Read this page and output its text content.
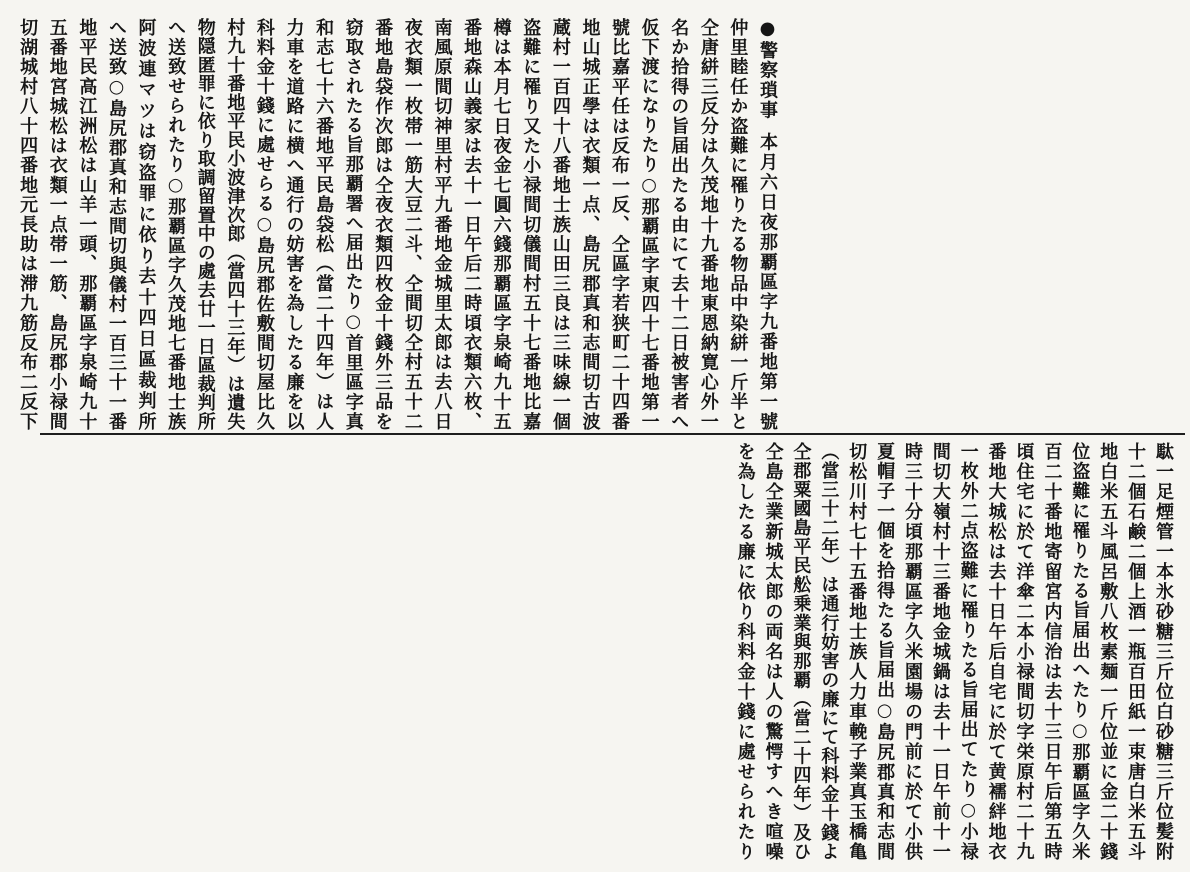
●警察瑣事本月六日夜那覇區字九番地第一號
仲里睦任か盗難に罹りたる物品中染絣一斤半と
仝唐絣三反分は久茂地十九番地東恩納寛心外一
名か拾得の旨届出たる由にて去十二日被害者へ
仮下渡になりたり○那覇區字東四十七番地第一
號比嘉平任は反布一反、仝區字若狭町二十四番
地山城正學は衣類一点、島尻郡真和志間切古波
蔵村一百四十八番地士族山田三良は三味線一個
盗難に罹り又た小禄間切儀間村五十七番地比嘉
樽は本月七日夜金七圓六錢那覇區字泉崎九十五
番地森山義家は去十一日午后二時頃衣類六枚、
南風原間切神里村平九番地金城里太郎は去八日
夜衣類一枚帯一筋大豆二斗、仝間切仝村五十二
番地島袋作次郎は仝夜衣類四枚金十錢外三品を
窃取されたる旨那覇署へ届出たり○首里區字真
和志七十六番地平民島袋松（當二十四年）は人
力車を道路に横へ通行の妨害を為したる廉を以
科料金十錢に處せらる○島尻郡佐敷間切屋比久
村九十番地平民小波津次郎（當四十三年）は遺失
物隠匿罪に依り取調留置中の處去廿一日區裁判所
へ送致せられたり○那覇區字久茂地七番地士族
阿波連マツは窃盗罪に依り去十四日區裁判所
へ送致○島尻郡真和志間切與儀村一百三十一番
地平民高江洲松は山羊一頭、那覇區字泉崎九十
五番地宮城松は衣類一点帯一筋、島尻郡小禄間
切湖城村八十四番地元長助は滞九筋反布二反下
駄一足煙管一本氷砂糖三斤位白砂糖三斤位髪附
十二個石鹸二個上酒一瓶百田紙一束唐白米五斗
地白米五斗風呂敷八枚素麺一斤位並に金二十錢
位盗難に罹りたる旨届出へたり○那覇區字久米
百二十番地寄留宮内信治は去十三日午后第五時
頃住宅に於て洋傘二本小禄間切字栄原村二十九
番地大城松は去十日午后自宅に於て黄襦絆地衣
一枚外二点盗難に罹りたる旨届出てたり○小禄
間切大嶺村十三番地金城鍋は去十一日午前十一
時三十分頃那覇區字久米園場の門前に於て小供
夏帽子一個を拾得たる旨届出○島尻郡真和志間
切松川村七十五番地士族人力車輓子業真玉橋亀
（當三十二年）は通行妨害の廉にて科料金十錢よ
仝郡粟國島平民舩乗業與那覇（當二十四年）及ひ
仝島仝業新城太郎の両名は人の驚愕すへき喧噪
を為したる廉に依り科料金十錢に處せられたり
